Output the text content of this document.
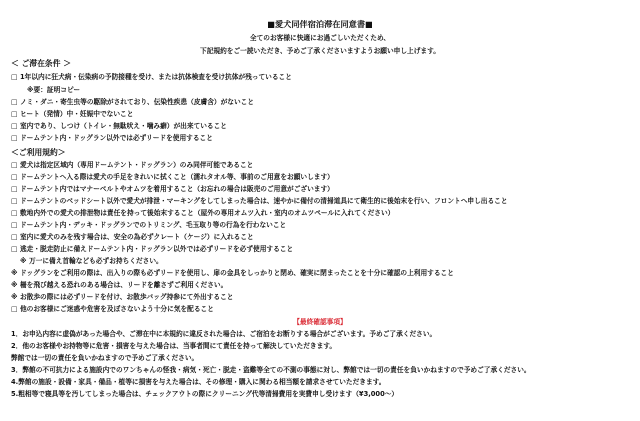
■愛犬同伴宿泊滞在同意書■
全てのお客様に快適にお過ごしいただくため、
下記規約をご一読いただき、予めご了承くださいますようお願い申し上げます。
＜ ご滞在条件 ＞
□ 1年以内に狂犬病・伝染病の予防接種を受け、または抗体検査を受け抗体が残っていること
※要：証明コピー
□ ノミ・ダニ・寄生虫等の駆除がされており、伝染性疾患（皮膚含）がないこと
□ ヒート（発情）中・妊娠中でないこと
□ 室内であり、しつけ（トイレ・無駄吠え・噛み癖）が出来ていること
□ ドームテント内・ドッグラン以外では必ずリードを使用すること
＜ご利用規約＞
□ 愛犬は指定区域内（専用ドームテント・ドッグラン）のみ同伴可能であること
□ ドームテントへ入る際は愛犬の手足をきれいに拭くこと（濡れタオル等、事前のご用意をお願いします）
□ ドームテント内ではマナーベルトやオムツを着用すること（お忘れの場合は販売のご用意がございます）
□ ドームテントのベッドシート以外で愛犬が排泄・マーキングをしてしまった場合は、速やかに備付の清掃道具にて衛生的に後始末を行い、フロントへ申し出ること
□ 敷地内外での愛犬の排泄物は責任を持って後始末すること（屋外の専用オムツ入れ・室内のオムツペールに入れてください）
□ ドームテント内・デッキ・ドッグランでのトリミング、毛玉取り等の行為を行わないこと
□ 室内に愛犬のみを残す場合は、安全の為必ずクレート（ケージ）に入れること
□ 逃走・脱走防止に備えドームテント内・ドッグラン以外では必ずリードを必ず使用すること
※ 万一に備え首輪なども必ずお持ちください。
※ ドッグランをご利用の際は、出入りの際も必ずリードを使用し、扉の金具をしっかりと閉め、確実に閉まったことを十分に確認の上利用すること
※ 柵を飛び越える恐れのある場合は、リードを離さずご利用ください。
※ お散歩の際には必ずリードを付け、お散歩バッグ持参にて外出すること
□ 他のお客様にご迷惑や危害を及ぼさないよう十分に気を配ること
【最終確認事項】
1．お申込内容に虚偽があった場合や、ご滞在中に本規約に違反された場合は、ご宿泊をお断りする場合がございます。予めご了承ください。
2．他のお客様やお持物等に危害・損害を与えた場合は、当事者間にて責任を持って解決していただきます。
弊館では一切の責任を負いかねますので予めご了承ください。
3．弊館の不可抗力による施設内でのワンちゃんの怪我・病気・死亡・脱走・盗難等全ての不測の事態に対し、弊館では一切の責任を負いかねますので予めご了承ください。
4.弊館の施設・設備・家具・備品・植等に損害を与えた場合は、その修理・購入に関わる相当額を請求させていただきます。
5.粗相等で寝具等を汚してしまった場合は、チェックアウトの際にクリーニング代等清掃費用を実費申し受けます（¥3,000〜）
